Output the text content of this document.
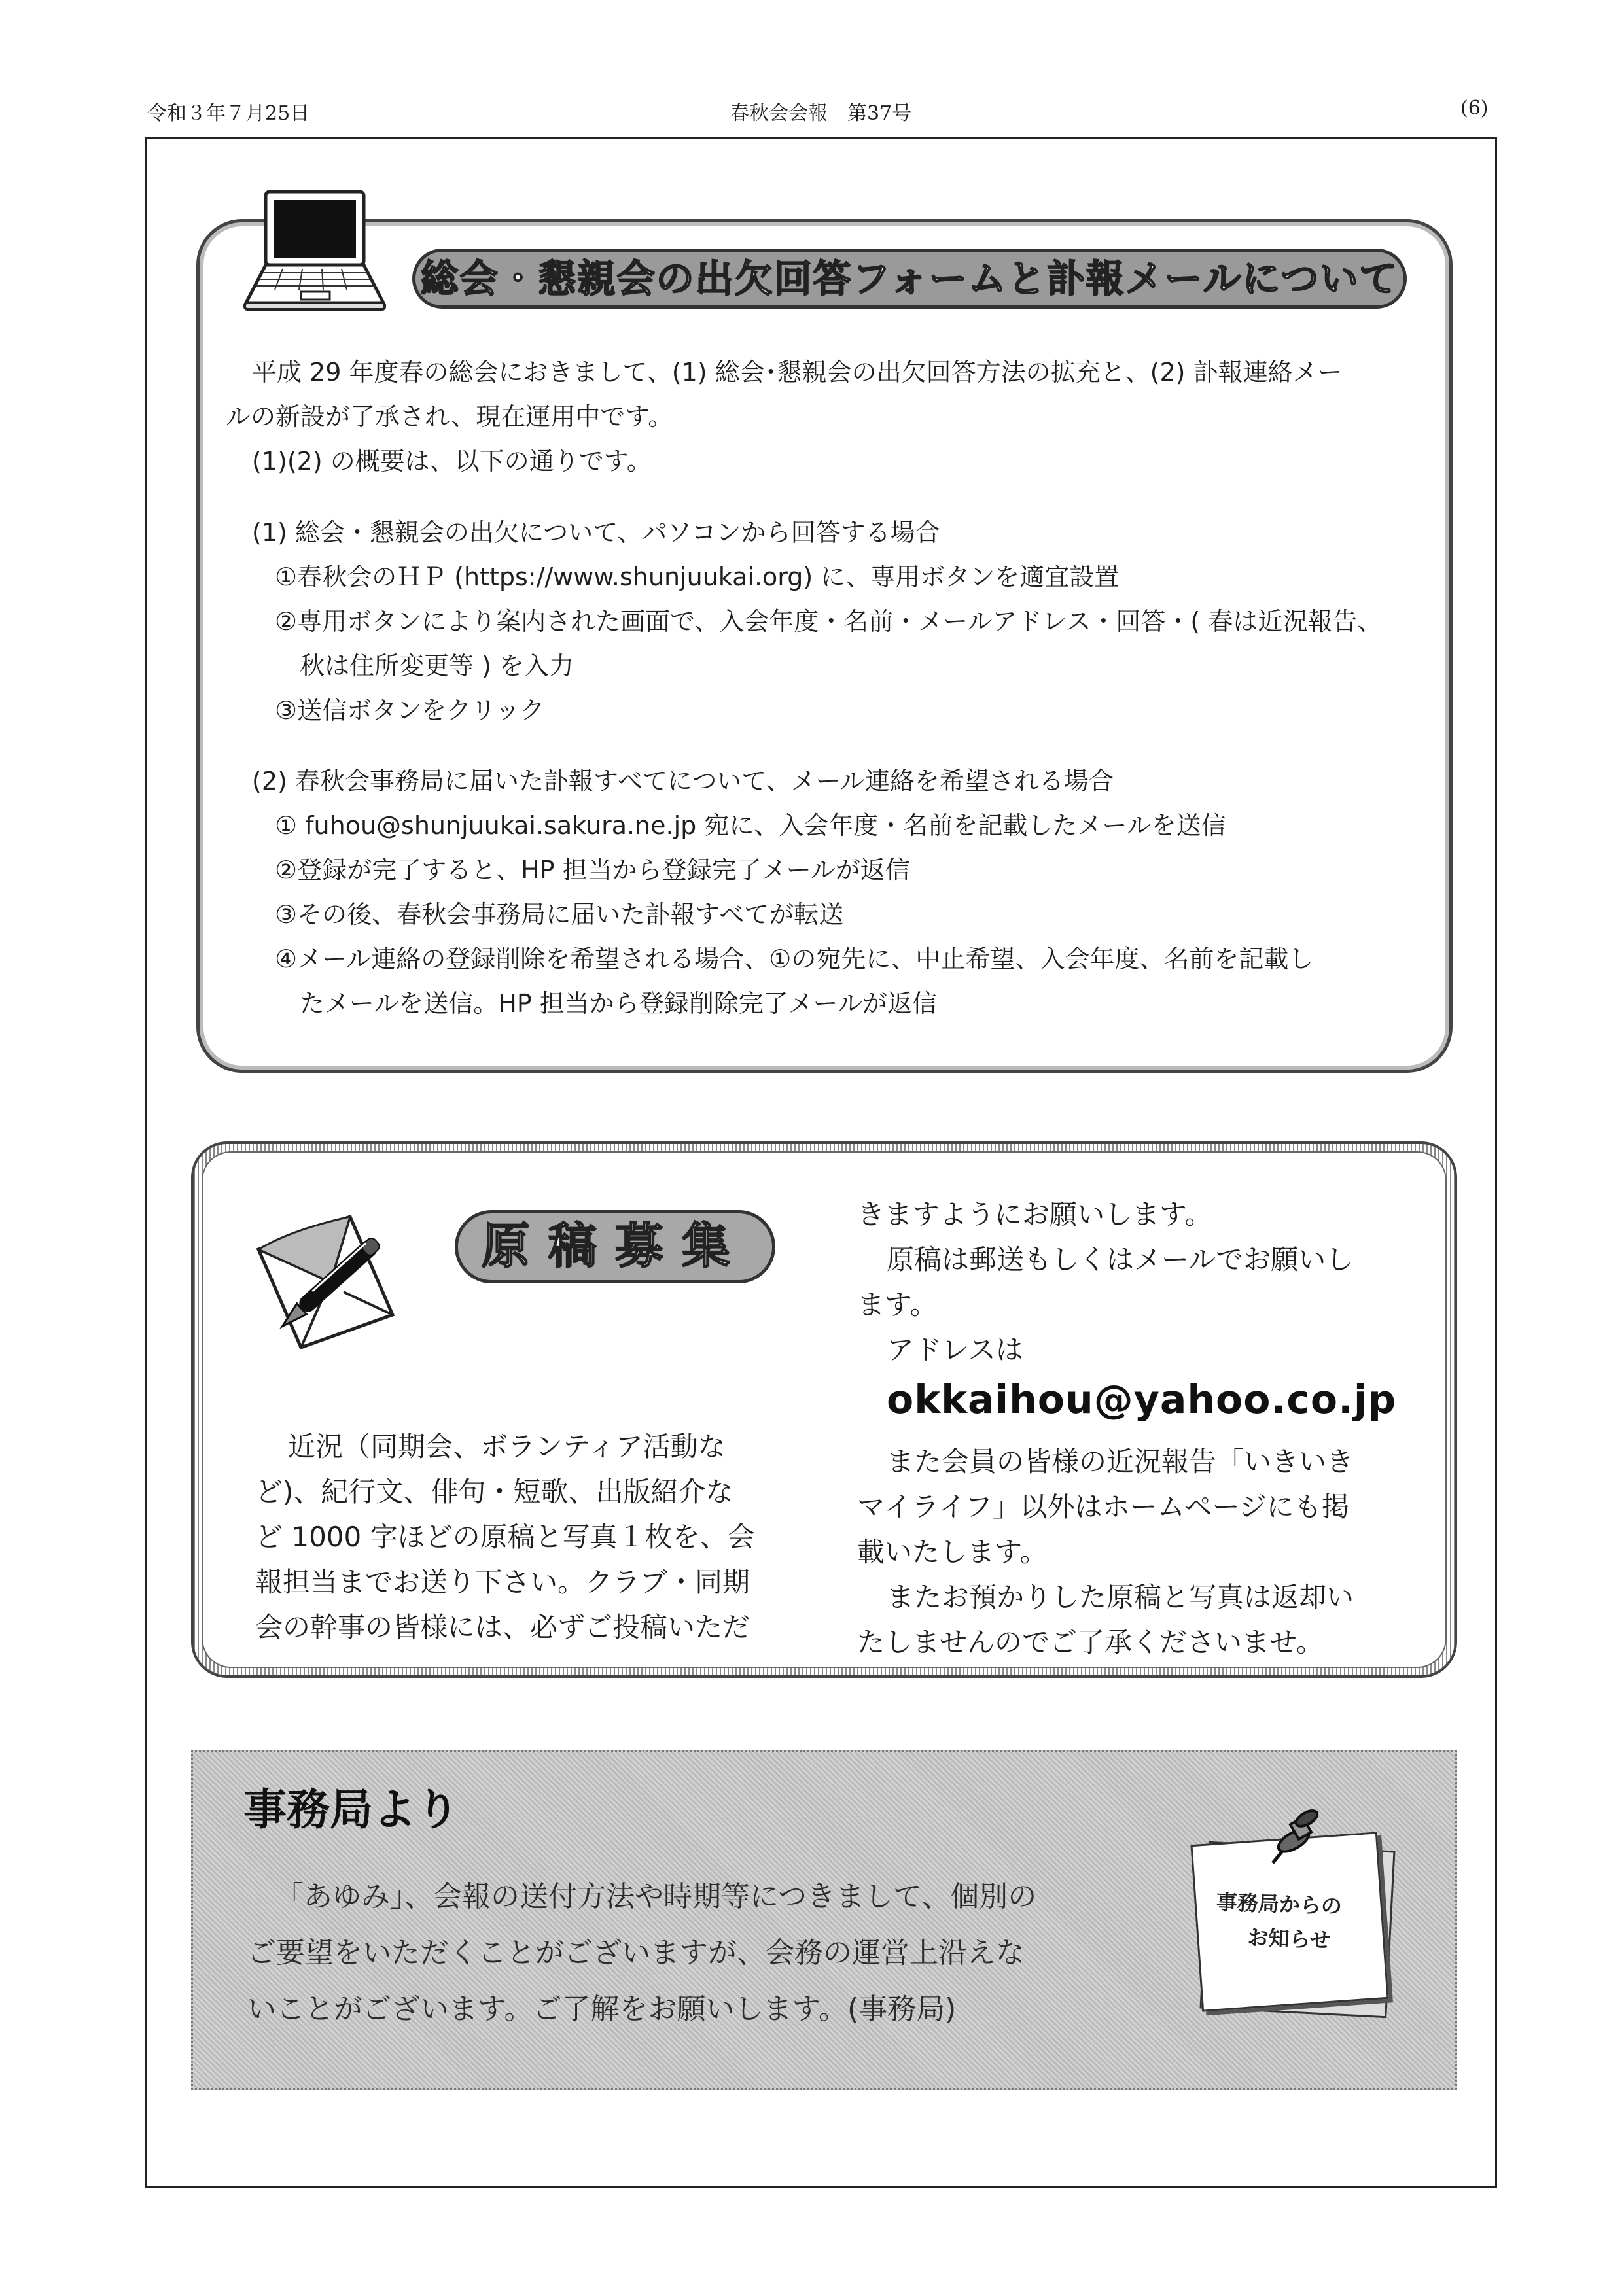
令和３年７月25日	春秋会会報　第37号	(6)
総会・懇親会の出欠回答フォームと訃報メールについて
平成 29 年度春の総会におきまして、(1) 総会･懇親会の出欠回答方法の拡充と、(2) 訃報連絡メー
ルの新設が了承され、現在運用中です。
(1)(2) の概要は、以下の通りです。
(1) 総会・懇親会の出欠について、パソコンから回答する場合
①春秋会のＨＰ (https://www.shunjuukai.org) に、専用ボタンを適宜設置
②専用ボタンにより案内された画面で、入会年度・名前・メールアドレス・回答・( 春は近況報告、
秋は住所変更等 ) を入力
③送信ボタンをクリック
(2) 春秋会事務局に届いた訃報すべてについて、メール連絡を希望される場合
① fuhou@shunjuukai.sakura.ne.jp 宛に、入会年度・名前を記載したメールを送信
②登録が完了すると、HP 担当から登録完了メールが返信
③その後、春秋会事務局に届いた訃報すべてが転送
④メール連絡の登録削除を希望される場合、①の宛先に、中止希望、入会年度、名前を記載し
たメールを送信。HP 担当から登録削除完了メールが返信
原稿募集
近況（同期会、ボランティア活動な
ど)、紀行文、俳句・短歌、出版紹介な
ど 1000 字ほどの原稿と写真１枚を、会
報担当までお送り下さい。クラブ・同期
会の幹事の皆様には、必ずご投稿いただ
きますようにお願いします。
原稿は郵送もしくはメールでお願いし
ます。
アドレスは
okkaihou@yahoo.co.jp
また会員の皆様の近況報告「いきいき
マイライフ」以外はホームページにも掲
載いたします。
またお預かりした原稿と写真は返却い
たしませんのでご了承くださいませ。
事務局より
「あゆみ」、会報の送付方法や時期等につきまして、個別の
ご要望をいただくことがございますが、会務の運営上沿えな
いことがございます。ご了解をお願いします。(事務局)
事務局からの
お知らせ
